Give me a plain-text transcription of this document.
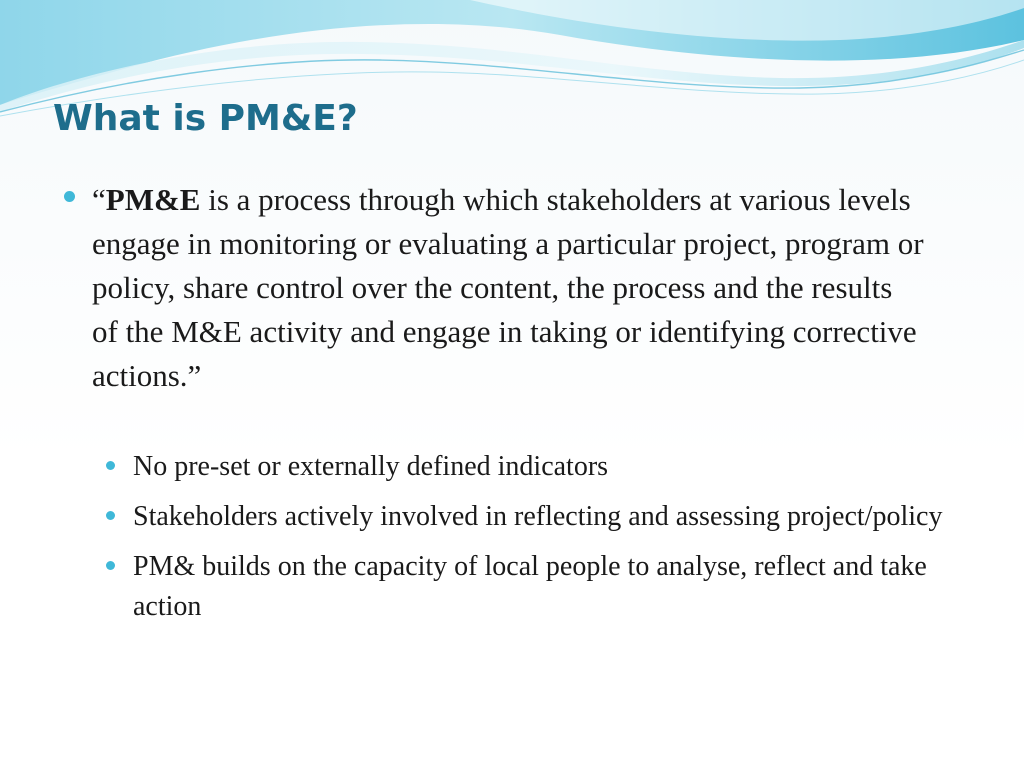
What is PM&E?

“PM&E is a process through which stakeholders at various levels engage in monitoring or evaluating a particular project, program or policy, share control over the content, the process and the results of the M&E activity and engage in taking or identifying corrective actions.”

No pre-set or externally defined indicators

Stakeholders actively involved in reflecting and assessing project/policy

PM& builds on the capacity of local people to analyse, reflect and take action
